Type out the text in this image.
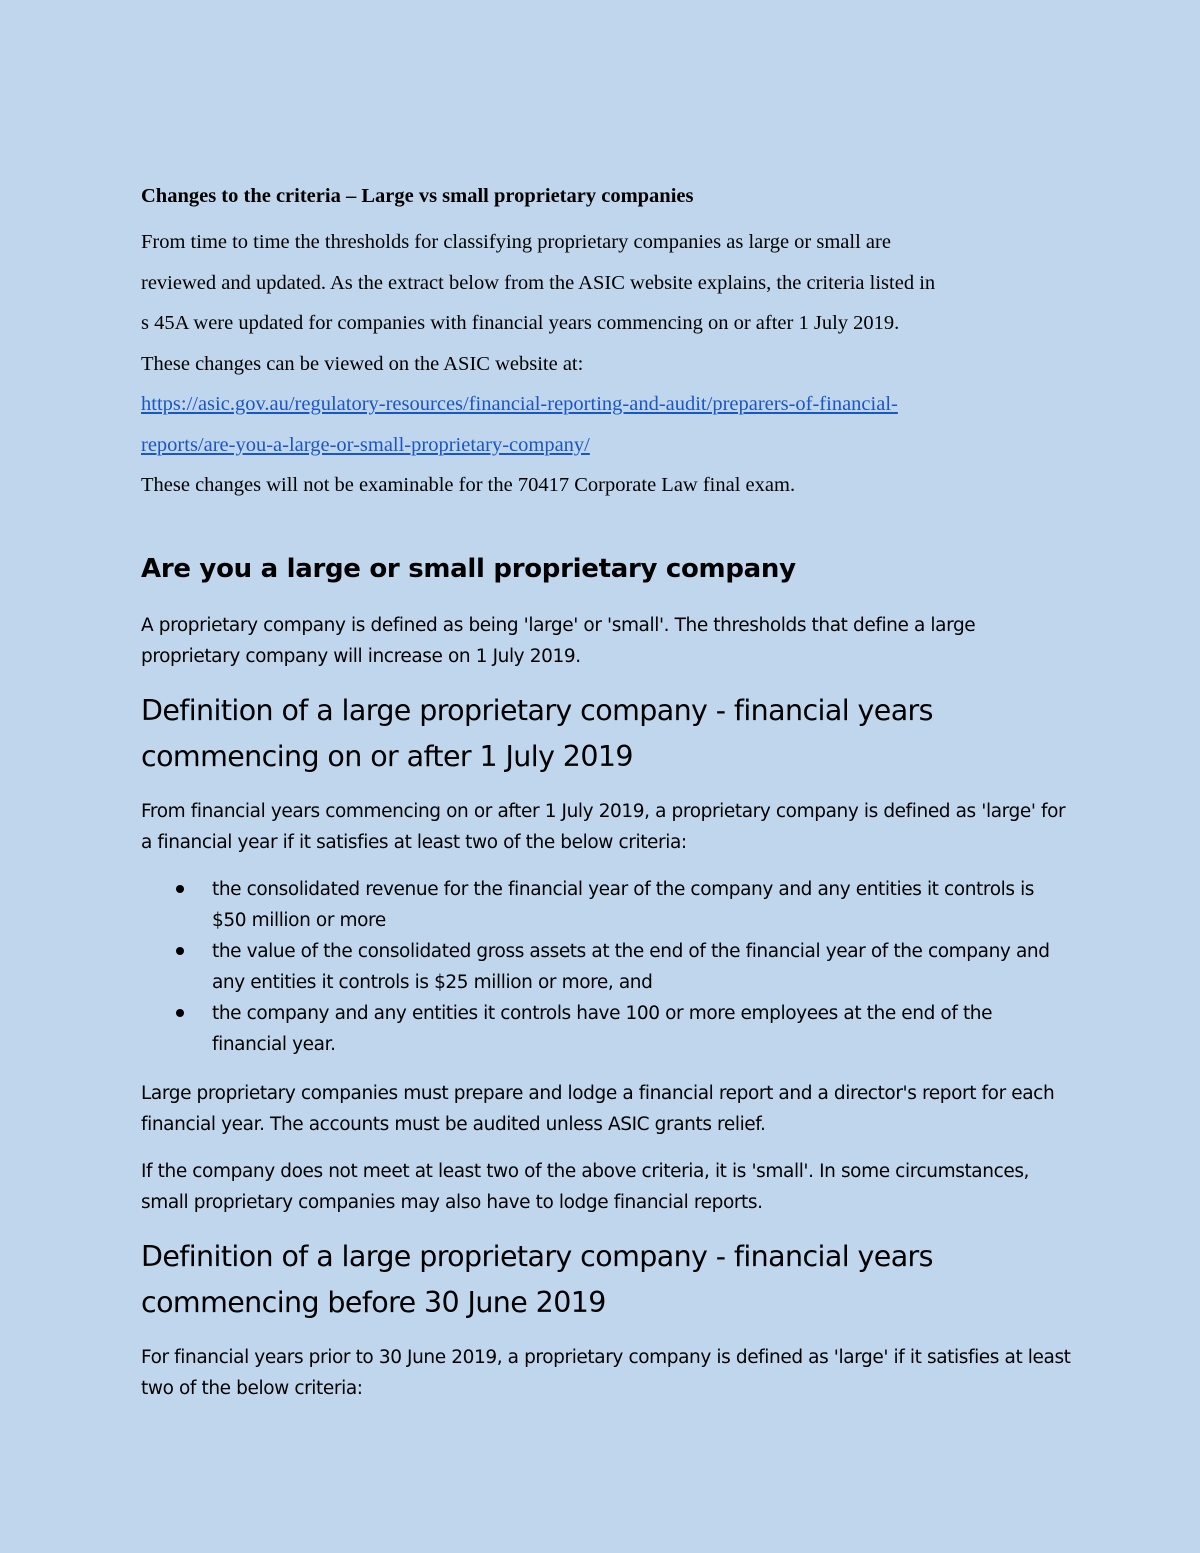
Changes to the criteria – Large vs small proprietary companies

From time to time the thresholds for classifying proprietary companies as large or small are

reviewed and updated. As the extract below from the ASIC website explains, the criteria listed in

s 45A were updated for companies with financial years commencing on or after 1 July 2019.

These changes can be viewed on the ASIC website at:

https://asic.gov.au/regulatory-resources/financial-reporting-and-audit/preparers-of-financial-

reports/are-you-a-large-or-small-proprietary-company/

These changes will not be examinable for the 70417 Corporate Law final exam.

Are you a large or small proprietary company

A proprietary company is defined as being 'large' or 'small'. The thresholds that define a large proprietary company will increase on 1 July 2019.

Definition of a large proprietary company - financial years commencing on or after 1 July 2019

From financial years commencing on or after 1 July 2019, a proprietary company is defined as 'large' for a financial year if it satisfies at least two of the below criteria:

the consolidated revenue for the financial year of the company and any entities it controls is $50 million or more
the value of the consolidated gross assets at the end of the financial year of the company and any entities it controls is $25 million or more, and
the company and any entities it controls have 100 or more employees at the end of the financial year.

Large proprietary companies must prepare and lodge a financial report and a director's report for each financial year. The accounts must be audited unless ASIC grants relief.

If the company does not meet at least two of the above criteria, it is 'small'. In some circumstances, small proprietary companies may also have to lodge financial reports.

Definition of a large proprietary company - financial years commencing before 30 June 2019

For financial years prior to 30 June 2019, a proprietary company is defined as 'large' if it satisfies at least two of the below criteria:
